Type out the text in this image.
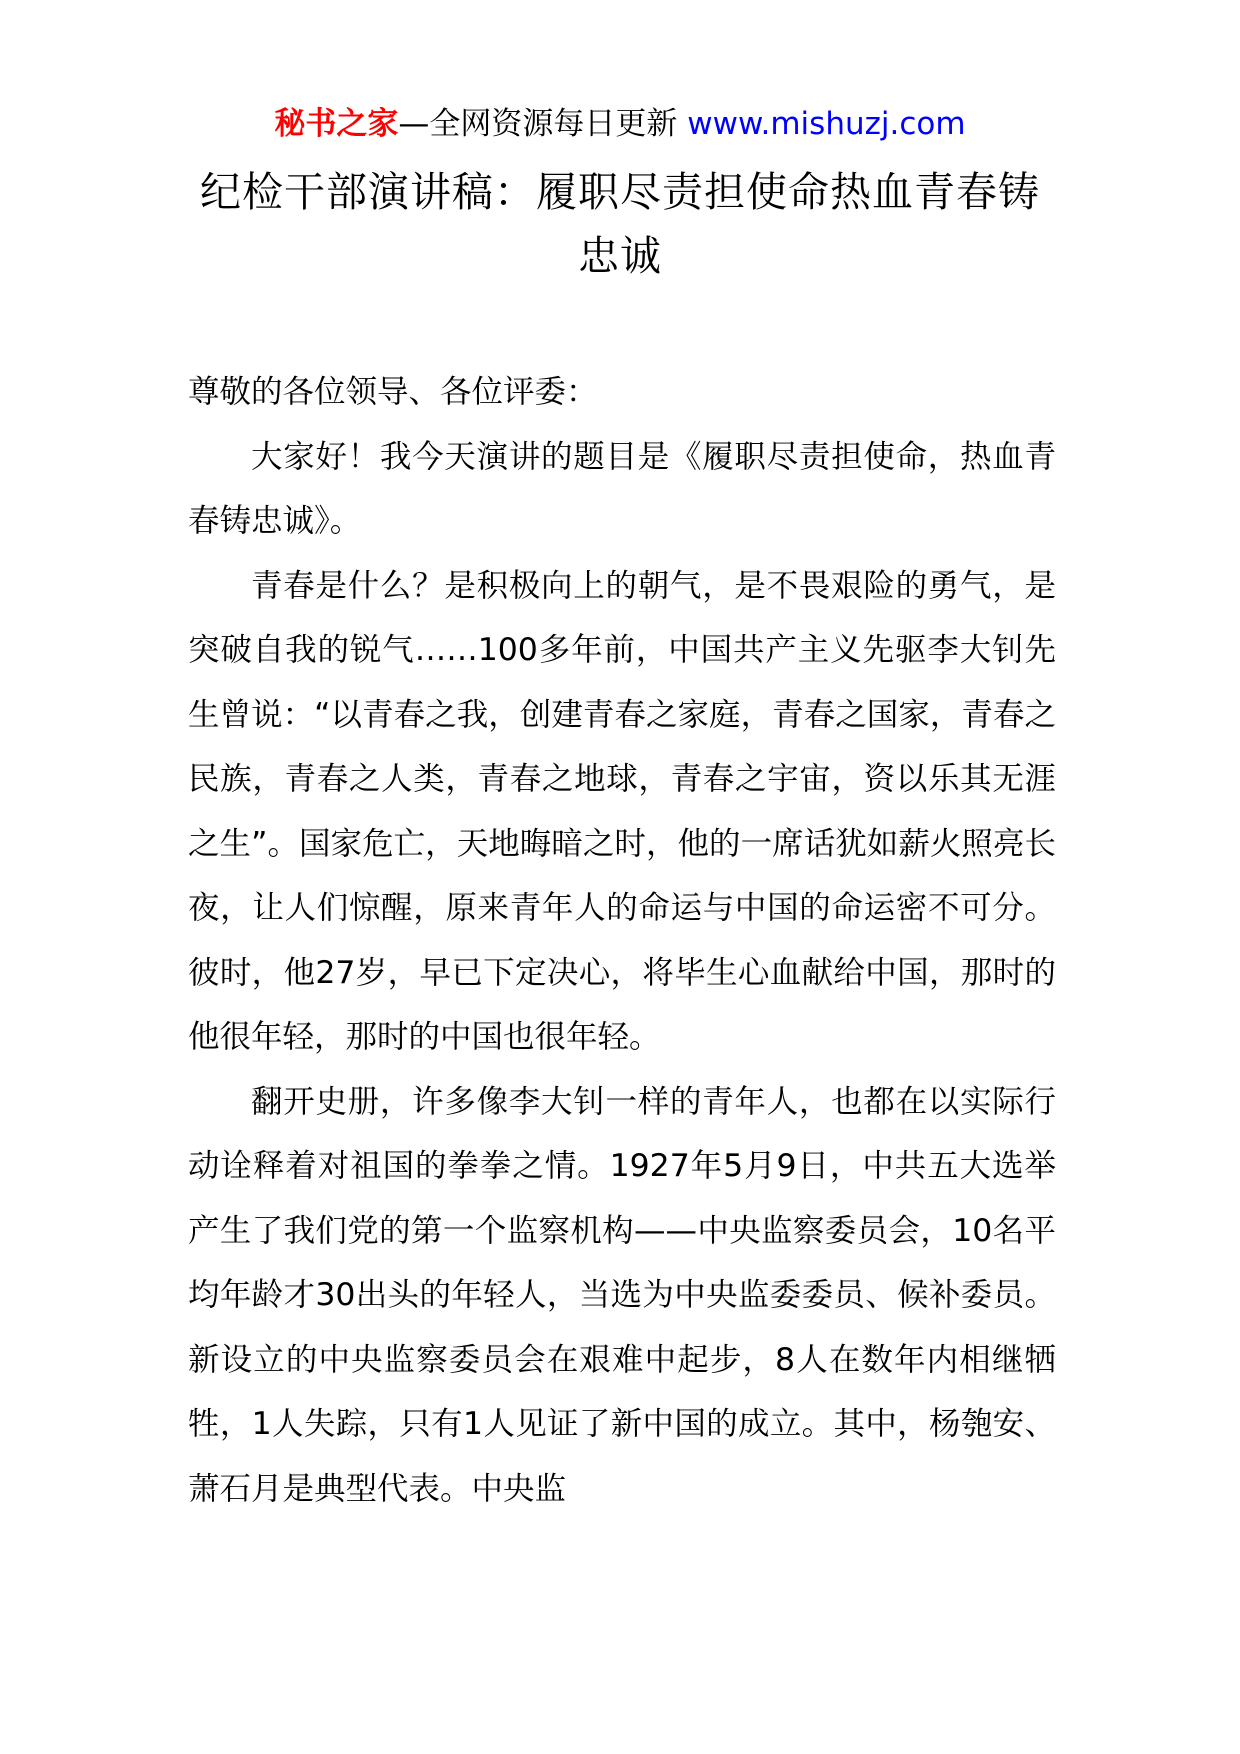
秘书之家—全网资源每日更新 www.mishuzj.com
纪检干部演讲稿：履职尽责担使命热血青春铸忠诚

尊敬的各位领导、各位评委：

大家好！我今天演讲的题目是《履职尽责担使命，热血青春铸忠诚》。

青春是什么？是积极向上的朝气，是不畏艰险的勇气，是突破自我的锐气……100多年前，中国共产主义先驱李大钊先生曾说：“以青春之我，创建青春之家庭，青春之国家，青春之民族，青春之人类，青春之地球，青春之宇宙，资以乐其无涯之生”。国家危亡，天地晦暗之时，他的一席话犹如薪火照亮长夜，让人们惊醒，原来青年人的命运与中国的命运密不可分。彼时，他27岁，早已下定决心，将毕生心血献给中国，那时的他很年轻，那时的中国也很年轻。

翻开史册，许多像李大钊一样的青年人，也都在以实际行动诠释着对祖国的拳拳之情。1927年5月9日，中共五大选举产生了我们党的第一个监察机构——中央监察委员会，10名平均年龄才30出头的年轻人，当选为中央监委委员、候补委员。新设立的中央监察委员会在艰难中起步，8人在数年内相继牺牲，1人失踪，只有1人见证了新中国的成立。其中，杨匏安、萧石月是典型代表。中央监
